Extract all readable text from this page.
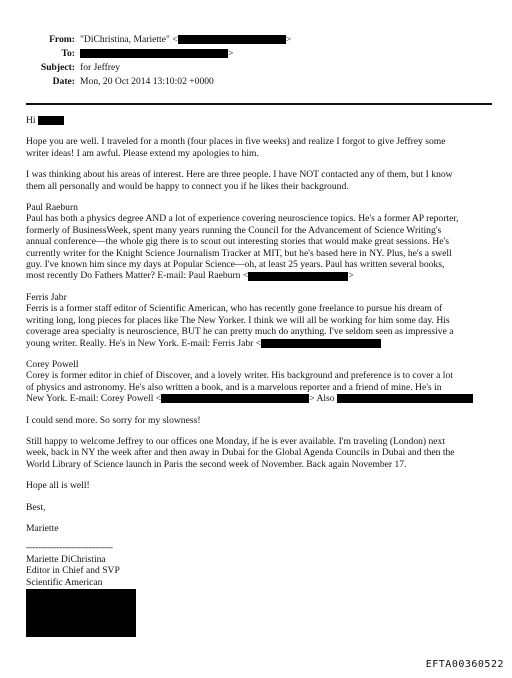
From: "DiChristina, Mariette" <	>
To:	>
Subject: for Jeffrey
Date: Mon, 20 Oct 2014 13:10:02 +0000

Hi

Hope you are well. I traveled for a month (four places in five weeks) and realize I forgot to give Jeffrey some
writer ideas! I am awful. Please extend my apologies to him.

I was thinking about his areas of interest. Here are three people. I have NOT contacted any of them, but I know
them all personally and would be happy to connect you if he likes their background.

Paul Raeburn
Paul has both a physics degree AND a lot of experience covering neuroscience topics. He's a former AP reporter,
formerly of BusinessWeek, spent many years running the Council for the Advancement of Science Writing's
annual conference—the whole gig there is to scout out interesting stories that would make great sessions. He's
currently writer for the Knight Science Journalism Tracker at MIT, but he's based here in NY. Plus, he's a swell
guy. I've known him since my days at Popular Science—oh, at least 25 years. Paul has written several books,
most recently Do Fathers Matter? E-mail: Paul Raeburn <	>

Ferris Jabr
Ferris is a former staff editor of Scientific American, who has recently gone freelance to pursue his dream of
writing long, long pieces for places like The New Yorker. I think we will all be working for him some day. His
coverage area specialty is neuroscience, BUT he can pretty much do anything. I've seldom seen as impressive a
young writer. Really. He's in New York. E-mail: Ferris Jabr <

Corey Powell
Corey is former editor in chief of Discover, and a lovely writer. His background and preference is to cover a lot
of physics and astronomy. He's also written a book, and is a marvelous reporter and a friend of mine. He's in
New York. E-mail: Corey Powell <	> Also

I could send more. So sorry for my slowness!

Still happy to welcome Jeffrey to our offices one Monday, if he is ever available. I'm traveling (London) next
week, back in NY the week after and then away in Dubai for the Global Agenda Councils in Dubai and then the
World Library of Science launch in Paris the second week of November. Back again November 17.

Hope all is well!

Best,

Mariette

-----------------------------
Mariette DiChristina
Editor in Chief and SVP
Scientific American

EFTA00360522
